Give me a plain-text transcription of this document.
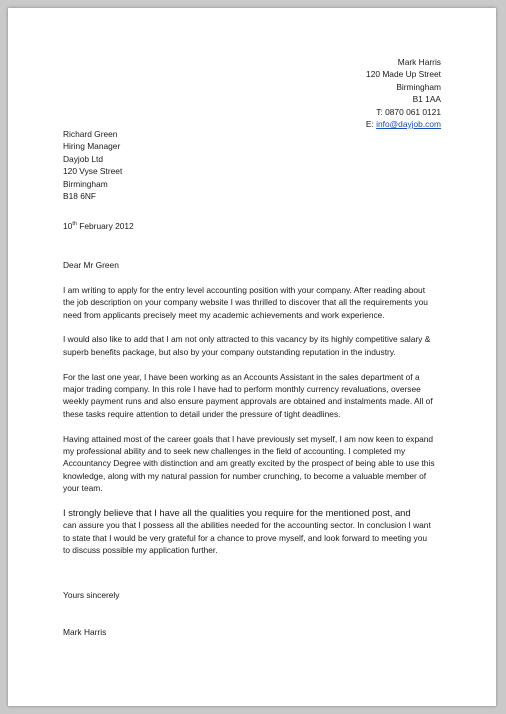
Mark Harris
120 Made Up Street
Birmingham
B1 1AA
T: 0870 061 0121
E: info@dayjob.com
Richard Green
Hiring Manager
Dayjob Ltd
120 Vyse Street
Birmingham
B18 6NF
10th February 2012

Dear Mr Green

I am writing to apply for the entry level accounting position with your company. After reading about
the job description on your company website I was thrilled to discover that all the requirements you
need from applicants precisely meet my academic achievements and work experience.

I would also like to add that I am not only attracted to this vacancy by its highly competitive salary &
superb benefits package, but also by your company outstanding reputation in the industry.

For the last one year, I have been working as an Accounts Assistant in the sales department of a
major trading company. In this role I have had to perform monthly currency revaluations, oversee
weekly payment runs and also ensure payment approvals are obtained and instalments made. All of
these tasks require attention to detail under the pressure of tight deadlines.

Having attained most of the career goals that I have previously set myself, I am now keen to expand
my professional ability and to seek new challenges in the field of accounting. I completed my
Accountancy Degree with distinction and am greatly excited by the prospect of being able to use this
knowledge, along with my natural passion for number crunching, to become a valuable member of
your team.

I strongly believe that I have all the qualities you require for the mentioned post, and
can assure you that I possess all the abilities needed for the accounting sector. In conclusion I want
to state that I would be very grateful for a chance to prove myself, and look forward to meeting you
to discuss possible my application further.

Yours sincerely
Mark Harris
